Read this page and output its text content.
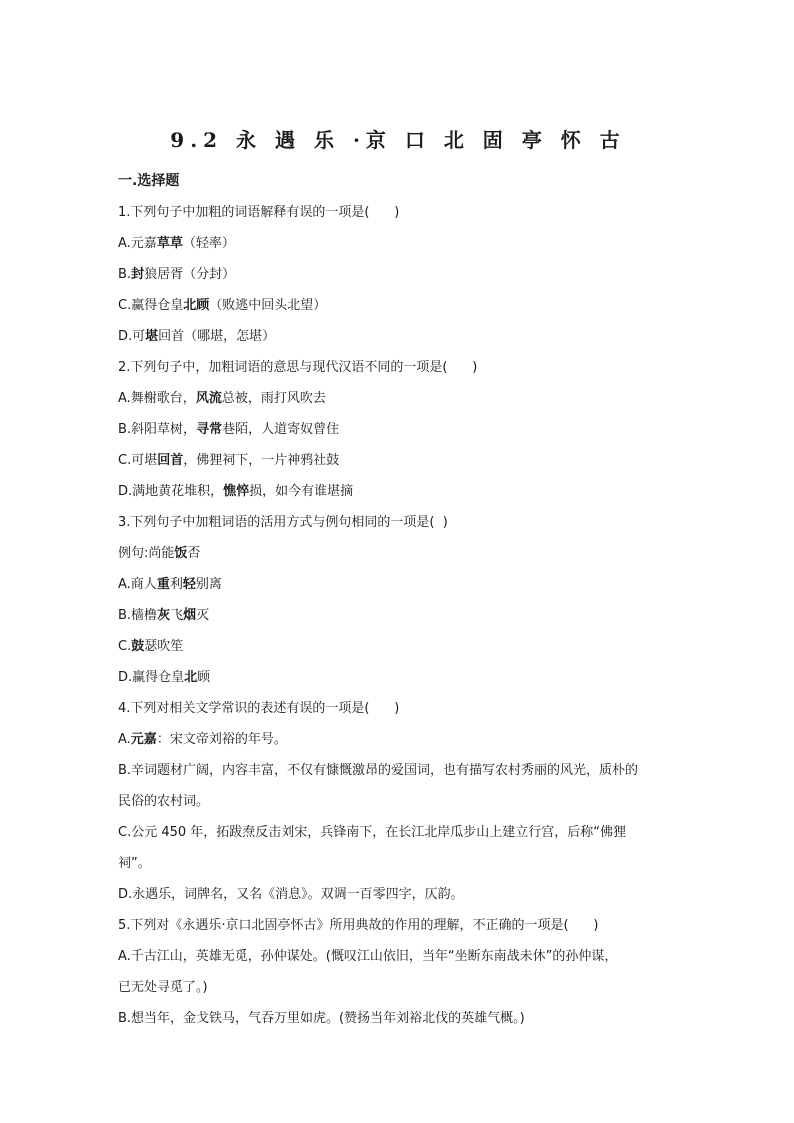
9.2 永 遇 乐 ·京 口 北 固 亭 怀 古
一.选择题
1.下列句子中加粗的词语解释有误的一项是(      )
A.元嘉草草（轻率）
B.封狼居胥（分封）
C.赢得仓皇北顾（败逃中回头北望）
D.可堪回首（哪堪，怎堪）
2.下列句子中，加粗词语的意思与现代汉语不同的一项是(      )
A.舞榭歌台，风流总被，雨打风吹去
B.斜阳草树，寻常巷陌，人道寄奴曾住
C.可堪回首，佛狸祠下，一片神鸦社鼓
D.满地黄花堆积，憔悴损，如今有谁堪摘
3.下列句子中加粗词语的活用方式与例句相同的一项是(  )
例句:尚能饭否
A.商人重利轻别离
B.樯橹灰飞烟灭
C.鼓瑟吹笙
D.赢得仓皇北顾
4.下列对相关文学常识的表述有误的一项是(      )
A.元嘉：宋文帝刘裕的年号。
B.辛词题材广阔，内容丰富，不仅有慷慨激昂的爱国词，也有描写农村秀丽的风光，质朴的
民俗的农村词。
C.公元 450 年，拓跋焘反击刘宋，兵锋南下，在长江北岸瓜步山上建立行宫，后称“佛狸
祠”。
D.永遇乐，词牌名，又名《消息》。双调一百零四字，仄韵。
5.下列对《永遇乐·京口北固亭怀古》所用典故的作用的理解，不正确的一项是(      )
A.千古江山，英雄无觅，孙仲谋处。(慨叹江山依旧，当年“坐断东南战未休”的孙仲谋，
已无处寻觅了。)
B.想当年，金戈铁马，气吞万里如虎。(赞扬当年刘裕北伐的英雄气概。)
